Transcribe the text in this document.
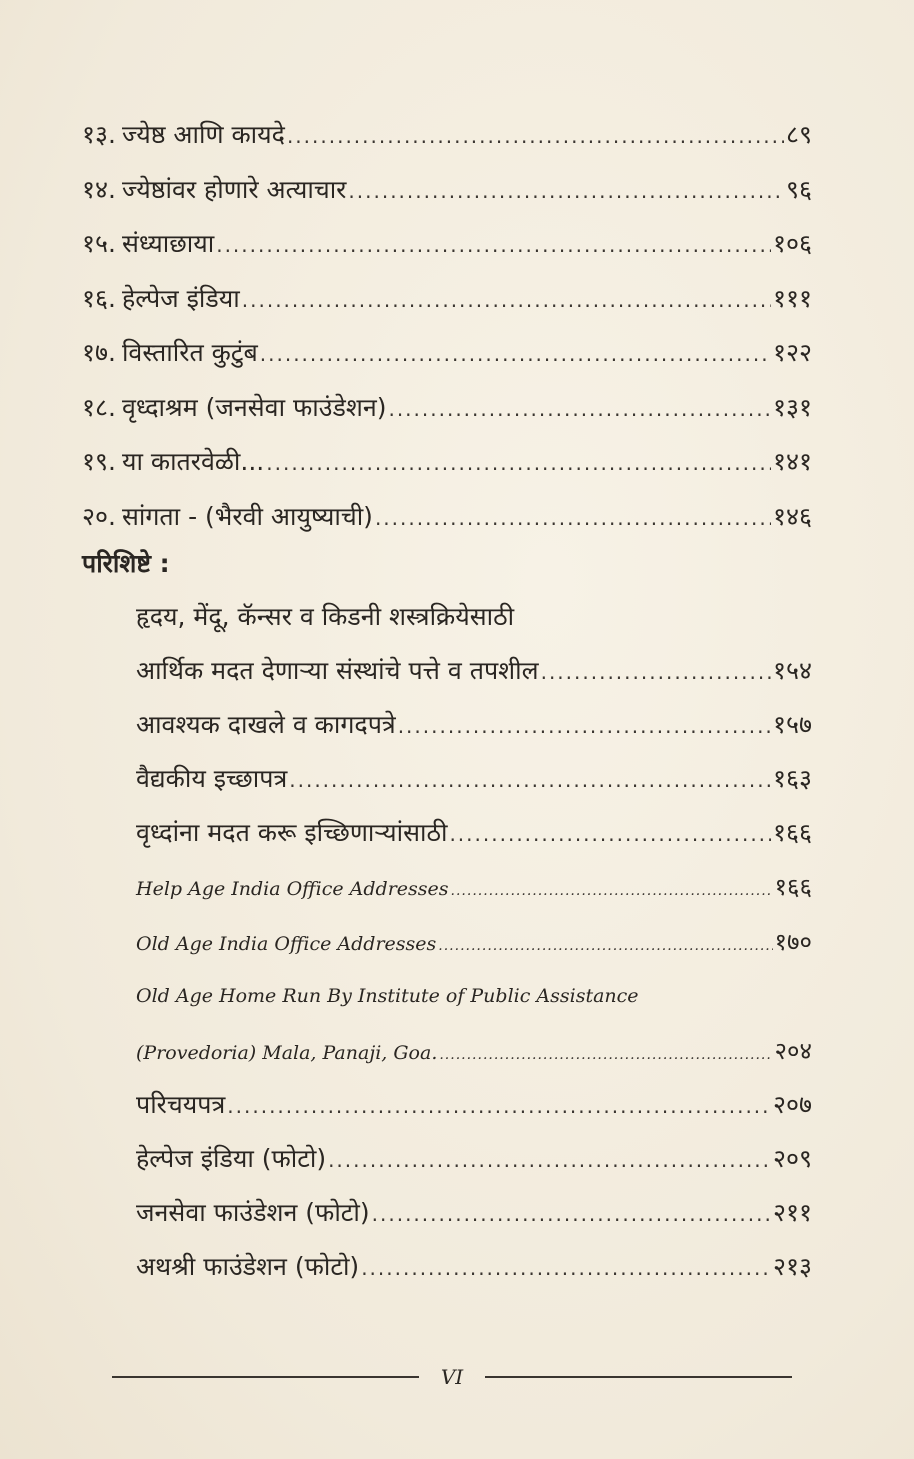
१३. ज्येष्ठ आणि कायदे .....	८९
१४. ज्येष्ठांवर होणारे अत्याचार .....	९६
१५. संध्याछाया .....	१०६
१६. हेल्पेज इंडिया .....	१११
१७. विस्तारित कुटुंब .....	१२२
१८. वृध्दाश्रम (जनसेवा फाउंडेशन) .....	१३१
१९. या कातरवेळी... .....	१४१
२०. सांगता - (भैरवी आयुष्याची) .....	१४६
परिशिष्टे :
हृदय, मेंदू, कॅन्सर व किडनी शस्त्रक्रियेसाठी
आर्थिक मदत देणाऱ्या संस्थांचे पत्ते व तपशील .....	१५४
आवश्यक दाखले व कागदपत्रे .....	१५७
वैद्यकीय इच्छापत्र .....	१६३
वृध्दांना मदत करू इच्छिणाऱ्यांसाठी .....	१६६
Help Age India Office Addresses .....	१६६
Old Age India Office Addresses .....	१७०
Old Age Home Run By Institute of Public Assistance
(Provedoria) Mala, Panaji, Goa. .....	२०४
परिचयपत्र .....	२०७
हेल्पेज इंडिया (फोटो) .....	२०९
जनसेवा फाउंडेशन (फोटो) .....	२११
अथश्री फाउंडेशन (फोटो) .....	२१३
VI
